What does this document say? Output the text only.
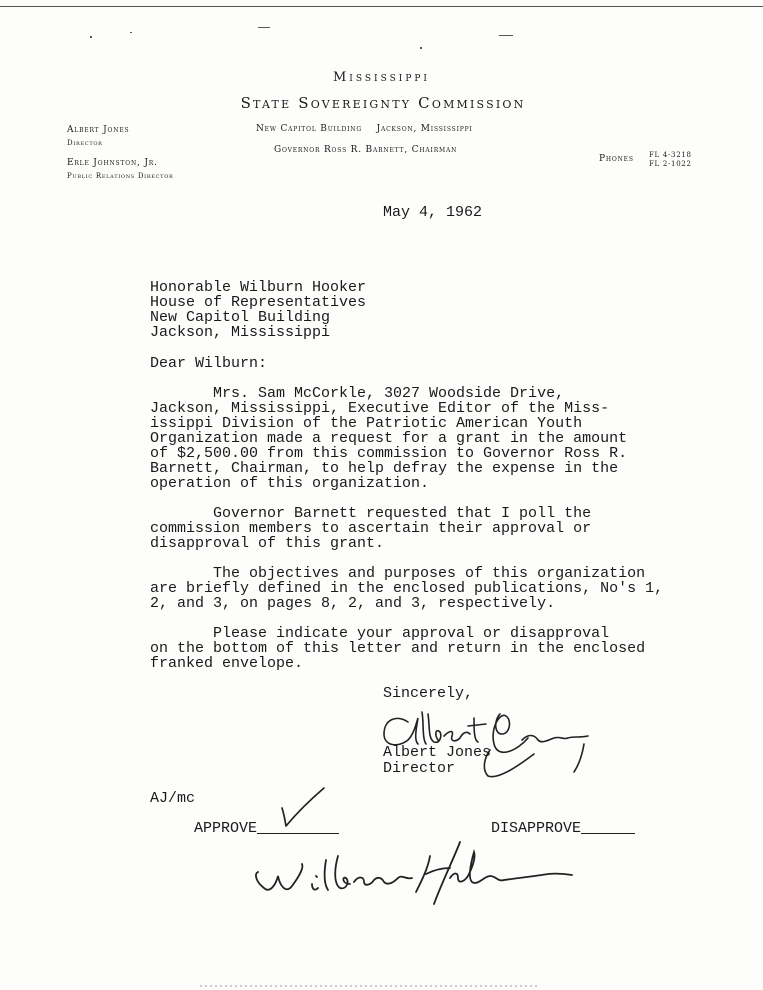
Mississippi
State Sovereignty Commission
Albert Jones
Director
Erle Johnston, Jr.
Public Relations Director
New Capitol Building    Jackson, Mississippi
Governor Ross R. Barnett, Chairman
Phones FL 4-3218
FL 2-1022
May 4, 1962
Honorable Wilburn Hooker
House of Representatives
New Capitol Building
Jackson, Mississippi
Dear Wilburn:
Mrs. Sam McCorkle, 3027 Woodside Drive,
Jackson, Mississippi, Executive Editor of the Miss-
issippi Division of the Patriotic American Youth
Organization made a request for a grant in the amount
of $2,500.00 from this commission to Governor Ross R.
Barnett, Chairman, to help defray the expense in the
operation of this organization.
Governor Barnett requested that I poll the
commission members to ascertain their approval or
disapproval of this grant.
The objectives and purposes of this organization
are briefly defined in the enclosed publications, No's 1,
2, and 3, on pages 8, 2, and 3, respectively.
Please indicate your approval or disapproval
on the bottom of this letter and return in the enclosed
franked envelope.
Sincerely,
Albert Jones
Director
AJ/mc
APPROVE	DISAPPROVE
